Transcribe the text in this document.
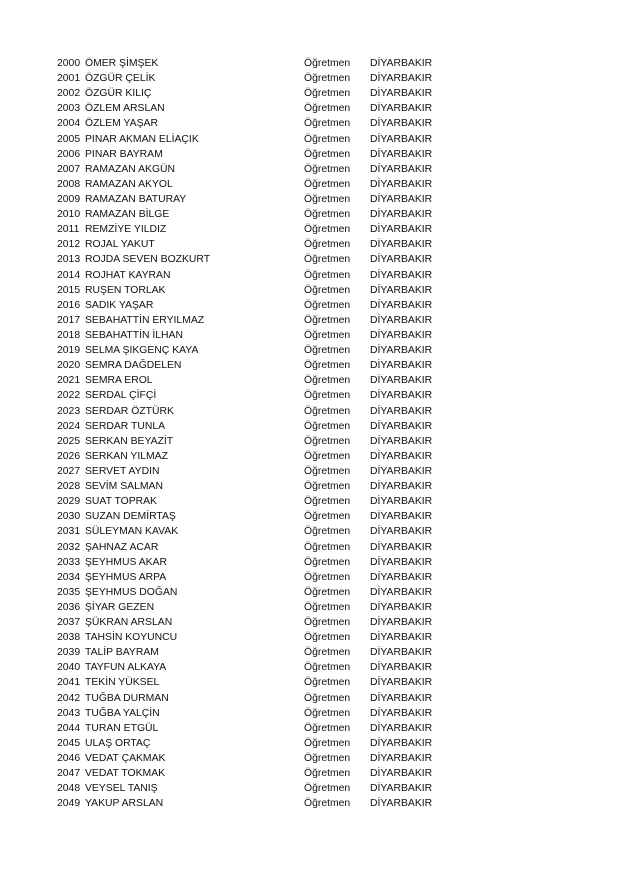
2000 ÖMER ŞİMŞEK	Öğretmen DİYARBAKIR
2001 ÖZGÜR ÇELİK	Öğretmen DİYARBAKIR
2002 ÖZGÜR KILIÇ	Öğretmen DİYARBAKIR
2003 ÖZLEM ARSLAN	Öğretmen DİYARBAKIR
2004 ÖZLEM YAŞAR	Öğretmen DİYARBAKIR
2005 PINAR AKMAN ELİAÇIK	Öğretmen DİYARBAKIR
2006 PINAR BAYRAM	Öğretmen DİYARBAKIR
2007 RAMAZAN AKGÜN	Öğretmen DİYARBAKIR
2008 RAMAZAN AKYOL	Öğretmen DİYARBAKIR
2009 RAMAZAN BATURAY	Öğretmen DİYARBAKIR
2010 RAMAZAN BİLGE	Öğretmen DİYARBAKIR
2011 REMZİYE YILDIZ	Öğretmen DİYARBAKIR
2012 ROJAL YAKUT	Öğretmen DİYARBAKIR
2013 ROJDA SEVEN BOZKURT	Öğretmen DİYARBAKIR
2014 ROJHAT KAYRAN	Öğretmen DİYARBAKIR
2015 RUŞEN TORLAK	Öğretmen DİYARBAKIR
2016 SADIK YAŞAR	Öğretmen DİYARBAKIR
2017 SEBAHATTİN ERYILMAZ	Öğretmen DİYARBAKIR
2018 SEBAHATTİN İLHAN	Öğretmen DİYARBAKIR
2019 SELMA ŞIKGENÇ KAYA	Öğretmen DİYARBAKIR
2020 SEMRA DAĞDELEN	Öğretmen DİYARBAKIR
2021 SEMRA EROL	Öğretmen DİYARBAKIR
2022 SERDAL ÇİFÇİ	Öğretmen DİYARBAKIR
2023 SERDAR ÖZTÜRK	Öğretmen DİYARBAKIR
2024 SERDAR TUNLA	Öğretmen DİYARBAKIR
2025 SERKAN BEYAZİT	Öğretmen DİYARBAKIR
2026 SERKAN YILMAZ	Öğretmen DİYARBAKIR
2027 SERVET AYDIN	Öğretmen DİYARBAKIR
2028 SEVİM SALMAN	Öğretmen DİYARBAKIR
2029 SUAT TOPRAK	Öğretmen DİYARBAKIR
2030 SUZAN DEMİRTAŞ	Öğretmen DİYARBAKIR
2031 SÜLEYMAN KAVAK	Öğretmen DİYARBAKIR
2032 ŞAHNAZ ACAR	Öğretmen DİYARBAKIR
2033 ŞEYHMUS AKAR	Öğretmen DİYARBAKIR
2034 ŞEYHMUS ARPA	Öğretmen DİYARBAKIR
2035 ŞEYHMUS DOĞAN	Öğretmen DİYARBAKIR
2036 ŞİYAR GEZEN	Öğretmen DİYARBAKIR
2037 ŞÜKRAN ARSLAN	Öğretmen DİYARBAKIR
2038 TAHSİN KOYUNCU	Öğretmen DİYARBAKIR
2039 TALİP BAYRAM	Öğretmen DİYARBAKIR
2040 TAYFUN ALKAYA	Öğretmen DİYARBAKIR
2041 TEKİN YÜKSEL	Öğretmen DİYARBAKIR
2042 TUĞBA DURMAN	Öğretmen DİYARBAKIR
2043 TUĞBA YALÇİN	Öğretmen DİYARBAKIR
2044 TURAN ETGÜL	Öğretmen DİYARBAKIR
2045 ULAŞ ORTAÇ	Öğretmen DİYARBAKIR
2046 VEDAT ÇAKMAK	Öğretmen DİYARBAKIR
2047 VEDAT TOKMAK	Öğretmen DİYARBAKIR
2048 VEYSEL TANIŞ	Öğretmen DİYARBAKIR
2049 YAKUP ARSLAN	Öğretmen DİYARBAKIR
